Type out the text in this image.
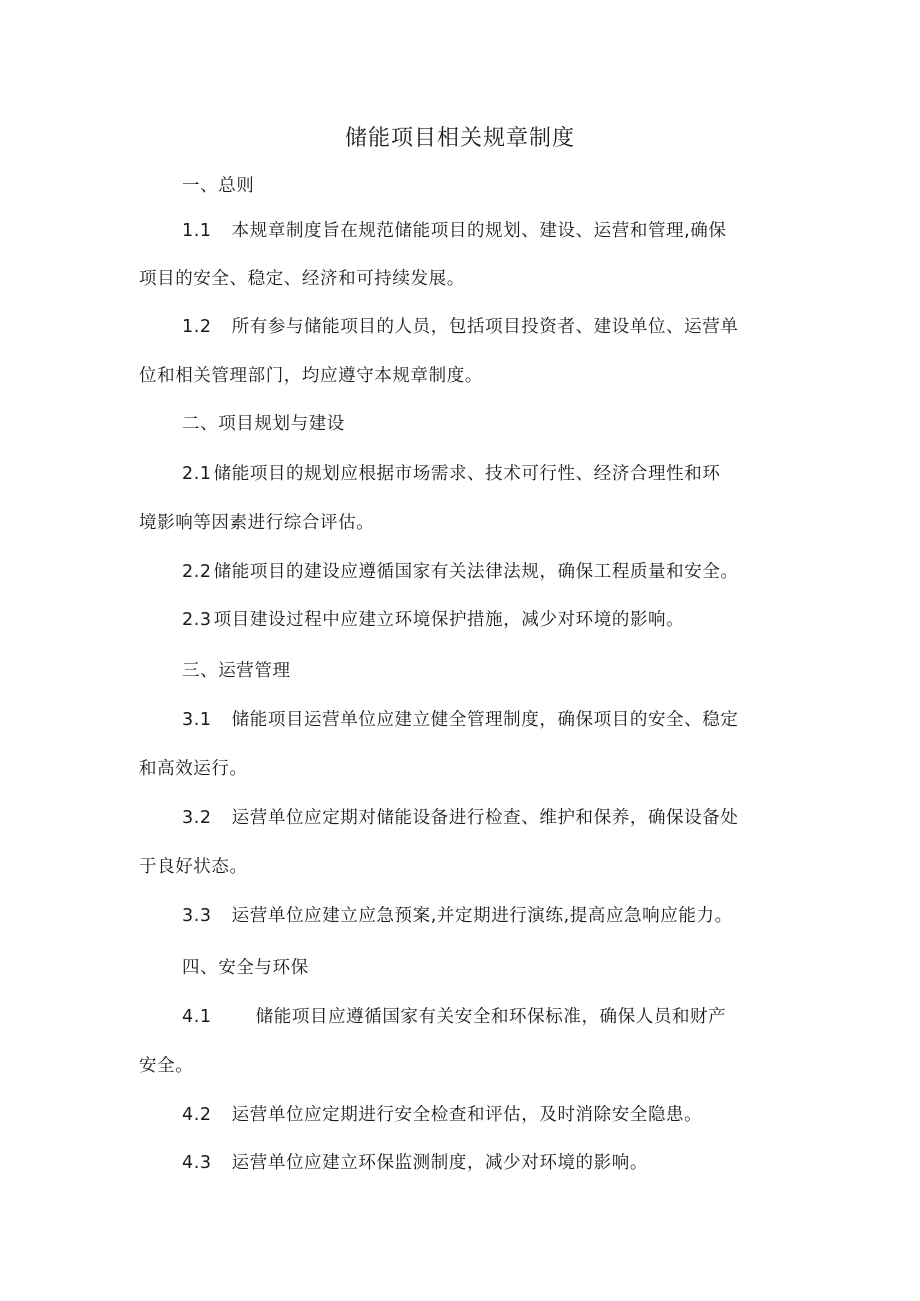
储能项目相关规章制度
一、总则
1.1 本规章制度旨在规范储能项目的规划、建设、运营和管理,确保
项目的安全、稳定、经济和可持续发展。
1.2 所有参与储能项目的人员，包括项目投资者、建设单位、运营单
位和相关管理部门，均应遵守本规章制度。
二、项目规划与建设
2.1 储能项目的规划应根据市场需求、技术可行性、经济合理性和环
境影响等因素进行综合评估。
2.2 储能项目的建设应遵循国家有关法律法规，确保工程质量和安全。
2.3 项目建设过程中应建立环境保护措施，减少对环境的影响。
三、运营管理
3.1 储能项目运营单位应建立健全管理制度，确保项目的安全、稳定
和高效运行。
3.2 运营单位应定期对储能设备进行检查、维护和保养，确保设备处
于良好状态。
3.3 运营单位应建立应急预案,并定期进行演练,提高应急响应能力。
四、安全与环保
4.1	储能项目应遵循国家有关安全和环保标准，确保人员和财产
安全。
4.2 运营单位应定期进行安全检查和评估，及时消除安全隐患。
4.3 运营单位应建立环保监测制度，减少对环境的影响。
